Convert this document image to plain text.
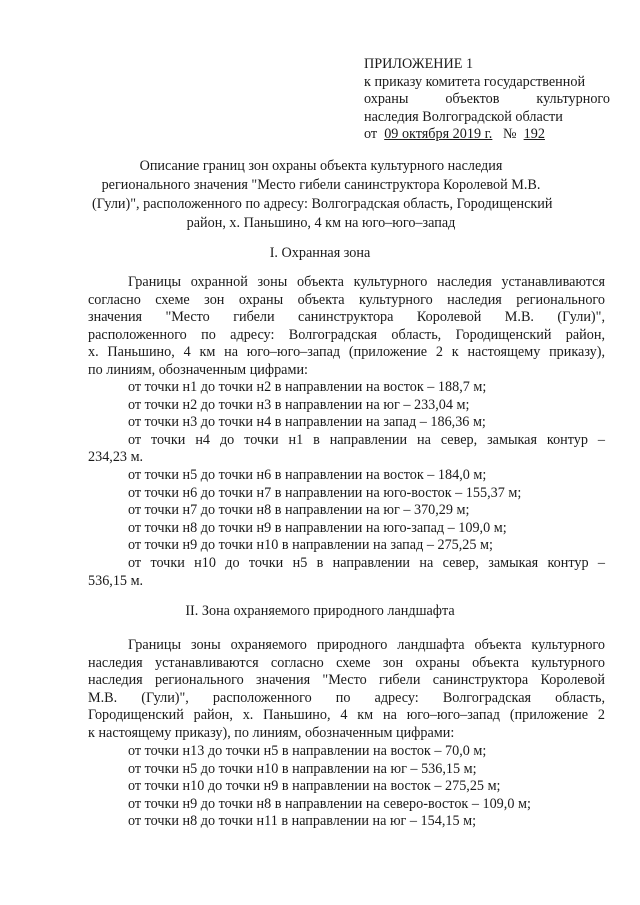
ПРИЛОЖЕНИЕ 1
к приказу комитета государственной
охраны	объектов	культурного
наследия Волгоградской области
от 09 октября 2019 г. № 192
Описание границ зон охраны объекта культурного наследия
регионального значения "Место гибели санинструктора Королевой М.В.
(Гули)", расположенного по адресу: Волгоградская область, Городищенский
район, х. Паньшино, 4 км на юго–юго–запад
I. Охранная зона
Границы охранной зоны объекта культурного наследия устанавливаются
согласно схеме зон охраны объекта культурного наследия регионального
значения "Место гибели санинструктора Королевой М.В. (Гули)",
расположенного по адресу: Волгоградская область, Городищенский район,
х. Паньшино, 4 км на юго–юго–запад (приложение 2 к настоящему приказу),
по линиям, обозначенным цифрами:
от точки н1 до точки н2 в направлении на восток – 188,7 м;
от точки н2 до точки н3 в направлении на юг – 233,04 м;
от точки н3 до точки н4 в направлении на запад – 186,36 м;
от точки н4 до точки н1 в направлении на север, замыкая контур –
234,23 м.
от точки н5 до точки н6 в направлении на восток – 184,0 м;
от точки н6 до точки н7 в направлении на юго-восток – 155,37 м;
от точки н7 до точки н8 в направлении на юг – 370,29 м;
от точки н8 до точки н9 в направлении на юго-запад – 109,0 м;
от точки н9 до точки н10 в направлении на запад – 275,25 м;
от точки н10 до точки н5 в направлении на север, замыкая контур –
536,15 м.
II. Зона охраняемого природного ландшафта
Границы зоны охраняемого природного ландшафта объекта культурного
наследия устанавливаются согласно схеме зон охраны объекта культурного
наследия регионального значения "Место гибели санинструктора Королевой
М.В. (Гули)", расположенного по адресу: Волгоградская область,
Городищенский район, х. Паньшино, 4 км на юго–юго–запад (приложение 2
к настоящему приказу), по линиям, обозначенным цифрами:
от точки н13 до точки н5 в направлении на восток – 70,0 м;
от точки н5 до точки н10 в направлении на юг – 536,15 м;
от точки н10 до точки н9 в направлении на восток – 275,25 м;
от точки н9 до точки н8 в направлении на северо-восток – 109,0 м;
от точки н8 до точки н11 в направлении на юг – 154,15 м;
